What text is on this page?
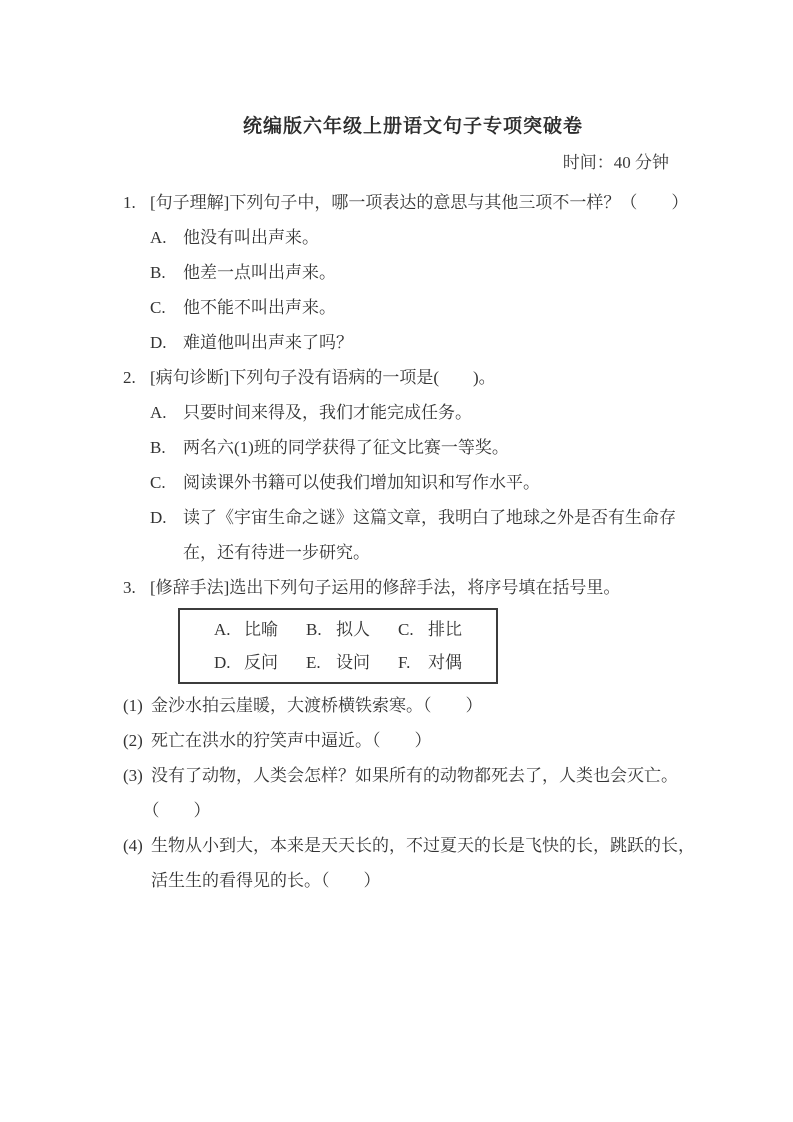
统编版六年级上册语文句子专项突破卷
时间：40 分钟
1. [句子理解]下列句子中，哪一项表达的意思与其他三项不一样？（　　）
A. 他没有叫出声来。
B.	他差一点叫出声来。
C.	他不能不叫出声来。
D. 难道他叫出声来了吗？
2. [病句诊断]下列句子没有语病的一项是(　　)。
A. 只要时间来得及，我们才能完成任务。
B.	两名六(1)班的同学获得了征文比赛一等奖。
C.	阅读课外书籍可以使我们增加知识和写作水平。
D. 读了《宇宙生命之谜》这篇文章，我明白了地球之外是否有生命存在，还有待进一步研究。
3. [修辞手法]选出下列句子运用的修辞手法，将序号填在括号里。
A. 比喻 B. 拟人 C. 排比
D. 反问 E. 设问 F. 对偶
(1) 金沙水拍云崖暖，大渡桥横铁索寒。（　　）
(2) 死亡在洪水的狞笑声中逼近。（　　）
(3) 没有了动物，人类会怎样？如果所有的动物都死去了，人类也会灭亡。（　　）
(4) 生物从小到大，本来是天天长的，不过夏天的长是飞快的长，跳跃的长，活生生的看得见的长。（　　）
